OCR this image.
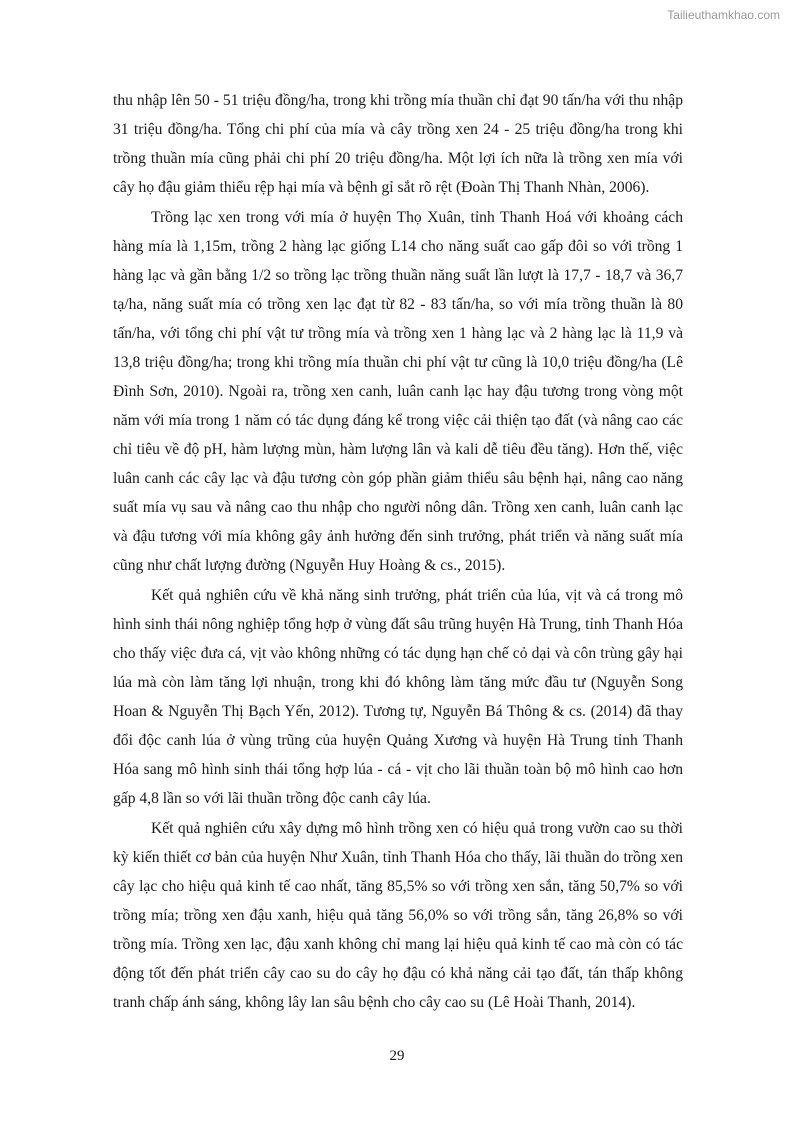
Tailieuthamkhao.com

thu nhập lên 50 - 51 triệu đồng/ha, trong khi trồng mía thuần chỉ đạt 90 tấn/ha với thu nhập 31 triệu đồng/ha. Tổng chi phí của mía và cây trồng xen 24 - 25 triệu đồng/ha trong khi trồng thuần mía cũng phải chi phí 20 triệu đồng/ha. Một lợi ích nữa là trồng xen mía với cây họ đậu giảm thiểu rệp hại mía và bệnh gỉ sắt rõ rệt (Đoàn Thị Thanh Nhàn, 2006).

Trồng lạc xen trong với mía ở huyện Thọ Xuân, tỉnh Thanh Hoá với khoảng cách hàng mía là 1,15m, trồng 2 hàng lạc giống L14 cho năng suất cao gấp đôi so với trồng 1 hàng lạc và gần bằng 1/2 so trồng lạc trồng thuần năng suất lần lượt là 17,7 - 18,7 và 36,7 tạ/ha, năng suất mía có trồng xen lạc đạt từ 82 - 83 tấn/ha, so với mía trồng thuần là 80 tấn/ha, với tổng chi phí vật tư trồng mía và trồng xen 1 hàng lạc và 2 hàng lạc là 11,9 và 13,8 triệu đồng/ha; trong khi trồng mía thuần chi phí vật tư cũng là 10,0 triệu đồng/ha (Lê Đình Sơn, 2010). Ngoài ra, trồng xen canh, luân canh lạc hay đậu tương trong vòng một năm với mía trong 1 năm có tác dụng đáng kể trong việc cải thiện tạo đất (và nâng cao các chỉ tiêu về độ pH, hàm lượng mùn, hàm lượng lân và kali dễ tiêu đều tăng). Hơn thế, việc luân canh các cây lạc và đậu tương còn góp phần giảm thiểu sâu bệnh hại, nâng cao năng suất mía vụ sau và nâng cao thu nhập cho người nông dân. Trồng xen canh, luân canh lạc và đậu tương với mía không gây ảnh hưởng đến sinh trưởng, phát triển và năng suất mía cũng như chất lượng đường (Nguyễn Huy Hoàng & cs., 2015).

Kết quả nghiên cứu về khả năng sinh trưởng, phát triển của lúa, vịt và cá trong mô hình sinh thái nông nghiệp tổng hợp ở vùng đất sâu trũng huyện Hà Trung, tỉnh Thanh Hóa cho thấy việc đưa cá, vịt vào không những có tác dụng hạn chế cỏ dại và côn trùng gây hại lúa mà còn làm tăng lợi nhuận, trong khi đó không làm tăng mức đầu tư (Nguyễn Song Hoan & Nguyễn Thị Bạch Yến, 2012). Tương tự, Nguyễn Bá Thông & cs. (2014) đã thay đổi độc canh lúa ở vùng trũng của huyện Quảng Xương và huyện Hà Trung tỉnh Thanh Hóa sang mô hình sinh thái tổng hợp lúa - cá - vịt cho lãi thuần toàn bộ mô hình cao hơn gấp 4,8 lần so với lãi thuần trồng độc canh cây lúa.

Kết quả nghiên cứu xây dựng mô hình trồng xen có hiệu quả trong vườn cao su thời kỳ kiến thiết cơ bản của huyện Như Xuân, tỉnh Thanh Hóa cho thấy, lãi thuần do trồng xen cây lạc cho hiệu quả kinh tế cao nhất, tăng 85,5% so với trồng xen sắn, tăng 50,7% so với trồng mía; trồng xen đậu xanh, hiệu quả tăng 56,0% so với trồng sắn, tăng 26,8% so với trồng mía. Trồng xen lạc, đậu xanh không chỉ mang lại hiệu quả kinh tế cao mà còn có tác động tốt đến phát triển cây cao su do cây họ đậu có khả năng cải tạo đất, tán thấp không tranh chấp ánh sáng, không lây lan sâu bệnh cho cây cao su (Lê Hoài Thanh, 2014).

29
